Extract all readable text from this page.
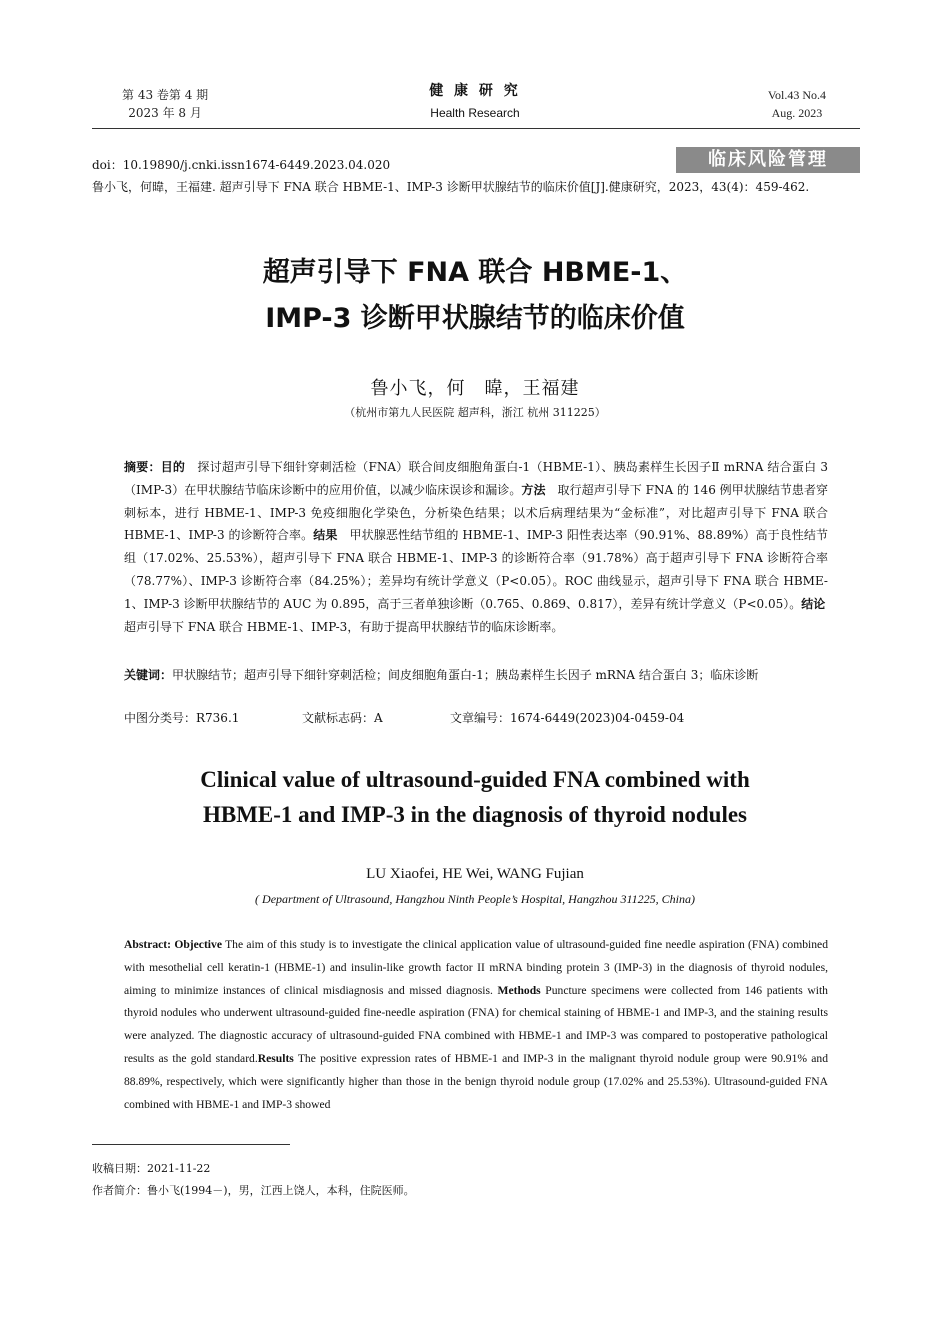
第 43 卷第 4 期
2023 年 8 月
健 康 研 究
Health Research
Vol.43 No.4
Aug. 2023
doi：10.19890/j.cnki.issn1674-6449.2023.04.020	临床风险管理
鲁小飞，何暐，王福建. 超声引导下 FNA 联合 HBME-1、IMP-3 诊断甲状腺结节的临床价值[J].健康研究，2023，43(4)：459-462.
超声引导下 FNA 联合 HBME-1、
IMP-3 诊断甲状腺结节的临床价值
鲁小飞，何　暐，王福建
（杭州市第九人民医院 超声科，浙江 杭州 311225）
摘要：目的　探讨超声引导下细针穿刺活检（FNA）联合间皮细胞角蛋白-1（HBME-1）、胰岛素样生长因子Ⅱ mRNA 结合蛋白 3（IMP-3）在甲状腺结节临床诊断中的应用价值，以减少临床误诊和漏诊。方法　取行超声引导下 FNA 的 146 例甲状腺结节患者穿刺标本，进行 HBME-1、IMP-3 免疫细胞化学染色，分析染色结果；以术后病理结果为“金标准”，对比超声引导下 FNA 联合 HBME-1、IMP-3 的诊断符合率。结果　甲状腺恶性结节组的 HBME-1、IMP-3 阳性表达率（90.91%、88.89%）高于良性结节组（17.02%、25.53%），超声引导下 FNA 联合 HBME-1、IMP-3 的诊断符合率（91.78%）高于超声引导下 FNA 诊断符合率（78.77%）、IMP-3 诊断符合率（84.25%）；差异均有统计学意义（P<0.05）。ROC 曲线显示，超声引导下 FNA 联合 HBME-1、IMP-3 诊断甲状腺结节的 AUC 为 0.895，高于三者单独诊断（0.765、0.869、0.817），差异有统计学意义（P<0.05）。结论　超声引导下 FNA 联合 HBME-1、IMP-3，有助于提高甲状腺结节的临床诊断率。
关键词：甲状腺结节；超声引导下细针穿刺活检；间皮细胞角蛋白-1；胰岛素样生长因子 mRNA 结合蛋白 3；临床诊断
中图分类号：R736.1	文献标志码：A	文章编号：1674-6449(2023)04-0459-04
Clinical value of ultrasound-guided FNA combined with
HBME-1 and IMP-3 in the diagnosis of thyroid nodules
LU Xiaofei, HE Wei, WANG Fujian
( Department of Ultrasound, Hangzhou Ninth People’s Hospital, Hangzhou 311225, China)
Abstract: Objective The aim of this study is to investigate the clinical application value of ultrasound-guided fine needle aspiration (FNA) combined with mesothelial cell keratin-1 (HBME-1) and insulin-like growth factor II mRNA binding protein 3 (IMP-3) in the diagnosis of thyroid nodules, aiming to minimize instances of clinical misdiagnosis and missed diagnosis. Methods Puncture specimens were collected from 146 patients with thyroid nodules who underwent ultrasound-guided fine-needle aspiration (FNA) for chemical staining of HBME-1 and IMP-3, and the staining results were analyzed. The diagnostic accuracy of ultrasound-guided FNA combined with HBME-1 and IMP-3 was compared to postoperative pathological results as the gold standard.Results The positive expression rates of HBME-1 and IMP-3 in the malignant thyroid nodule group were 90.91% and 88.89%, respectively, which were significantly higher than those in the benign thyroid nodule group (17.02% and 25.53%). Ultrasound-guided FNA combined with HBME-1 and IMP-3 showed
收稿日期：2021-11-22
作者简介：鲁小飞(1994－)，男，江西上饶人，本科，住院医师。
